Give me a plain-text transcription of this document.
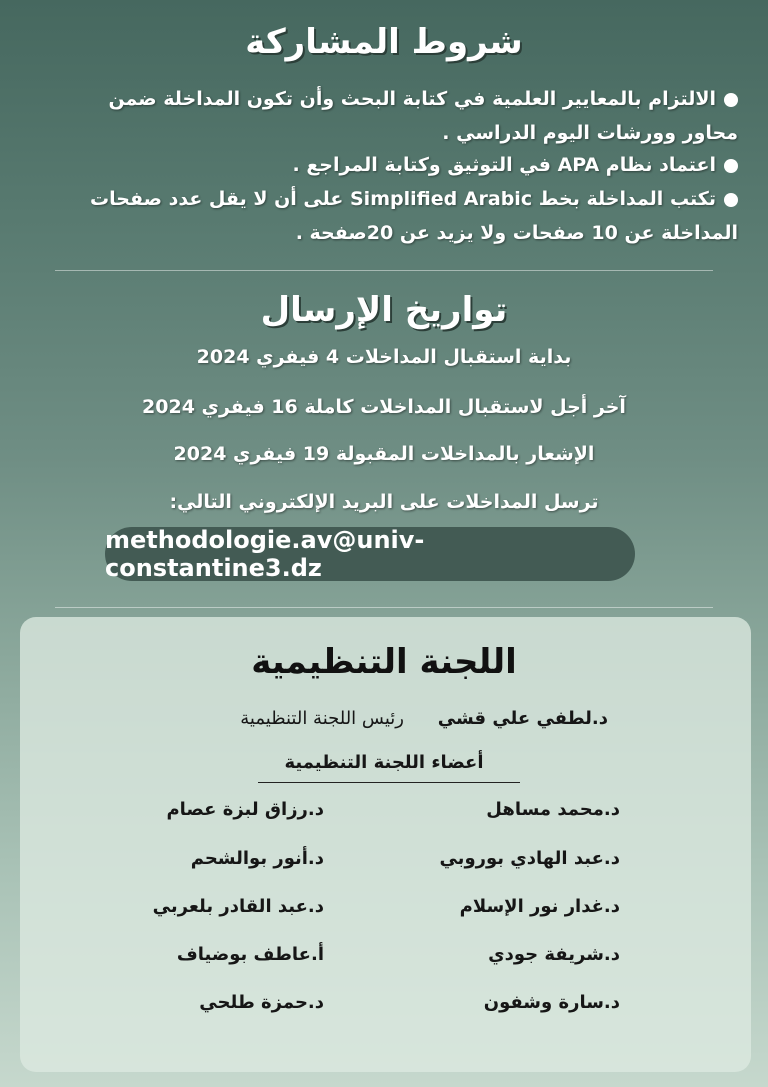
شروط المشاركة
الالتزام بالمعايير العلمية في كتابة البحث وأن تكون المداخلة ضمن محاور وورشات اليوم الدراسي .
اعتماد نظام APA في التوثيق وكتابة المراجع .
تكتب المداخلة بخط Simplified Arabic على أن لا يقل عدد صفحات المداخلة عن 10 صفحات ولا يزيد عن 20صفحة .
تواريخ الإرسال
بداية استقبال المداخلات 4 فيفري 2024
آخر أجل لاستقبال المداخلات كاملة 16 فيفري 2024
الإشعار بالمداخلات المقبولة 19 فيفري 2024
ترسل المداخلات على البريد الإلكتروني التالي:
methodologie.av@univ-constantine3.dz
اللجنة التنظيمية
د.لطفي علي قشي
رئيس اللجنة التنظيمية
أعضاء اللجنة التنظيمية
د.محمد مساهل
د.عبد الهادي بوروبي
د.غدار نور الإسلام
د.شريفة جودي
د.سارة وشفون
د.رزاق لبزة عصام
د.أنور بوالشحم
د.عبد القادر بلعربي
أ.عاطف بوضياف
د.حمزة طلحي
